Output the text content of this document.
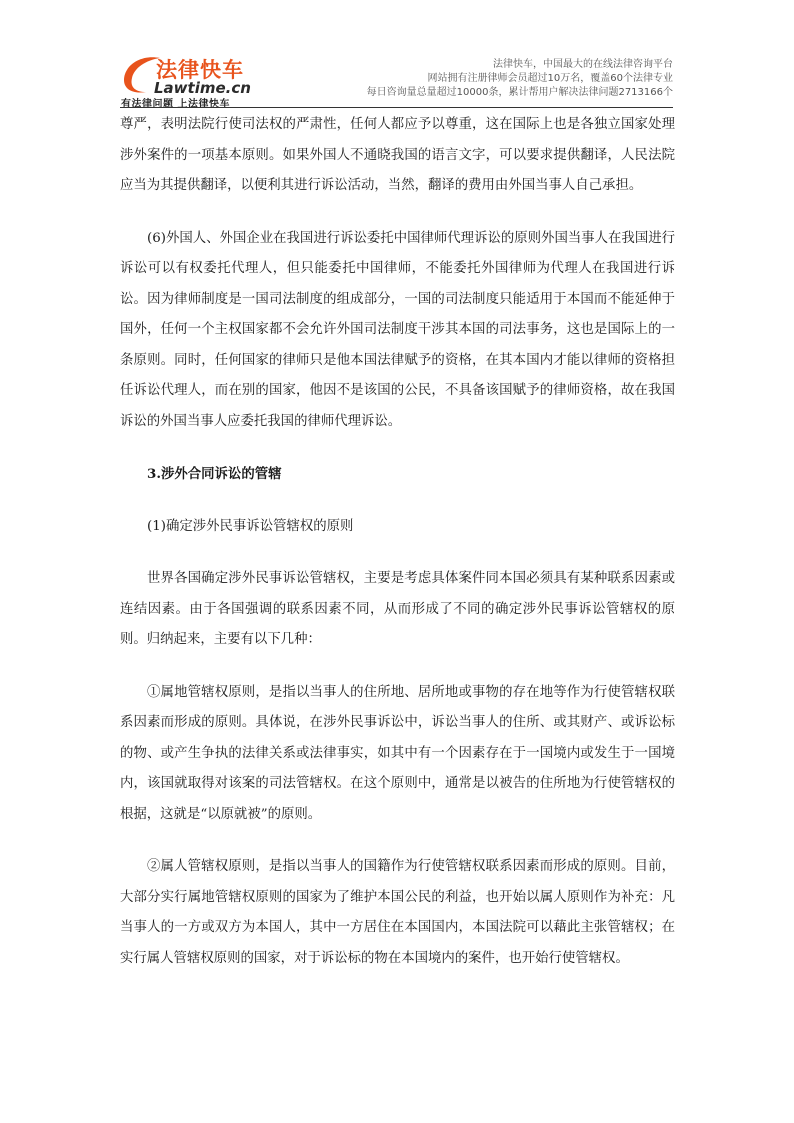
法律快车
Lawtime.cn
有法律问题 上法律快车
法律快车，中国最大的在线法律咨询平台
网站拥有注册律师会员超过10万名，覆盖60个法律专业
每日咨询量总量超过10000条，累计帮用户解决法律问题2713166个

尊严，表明法院行使司法权的严肃性，任何人都应予以尊重，这在国际上也是各独立国家处理涉外案件的一项基本原则。如果外国人不通晓我国的语言文字，可以要求提供翻译，人民法院应当为其提供翻译，以便利其进行诉讼活动，当然，翻译的费用由外国当事人自己承担。

(6)外国人、外国企业在我国进行诉讼委托中国律师代理诉讼的原则外国当事人在我国进行诉讼可以有权委托代理人，但只能委托中国律师，不能委托外国律师为代理人在我国进行诉讼。因为律师制度是一国司法制度的组成部分，一国的司法制度只能适用于本国而不能延伸于国外，任何一个主权国家都不会允许外国司法制度干涉其本国的司法事务，这也是国际上的一条原则。同时，任何国家的律师只是他本国法律赋予的资格，在其本国内才能以律师的资格担任诉讼代理人，而在别的国家，他因不是该国的公民，不具备该国赋予的律师资格，故在我国诉讼的外国当事人应委托我国的律师代理诉讼。

3.涉外合同诉讼的管辖

(1)确定涉外民事诉讼管辖权的原则

世界各国确定涉外民事诉讼管辖权，主要是考虑具体案件同本国必须具有某种联系因素或连结因素。由于各国强调的联系因素不同，从而形成了不同的确定涉外民事诉讼管辖权的原则。归纳起来，主要有以下几种：

①属地管辖权原则，是指以当事人的住所地、居所地或事物的存在地等作为行使管辖权联系因素而形成的原则。具体说，在涉外民事诉讼中，诉讼当事人的住所、或其财产、或诉讼标的物、或产生争执的法律关系或法律事实，如其中有一个因素存在于一国境内或发生于一国境内，该国就取得对该案的司法管辖权。在这个原则中，通常是以被告的住所地为行使管辖权的根据，这就是“以原就被”的原则。

②属人管辖权原则，是指以当事人的国籍作为行使管辖权联系因素而形成的原则。目前，大部分实行属地管辖权原则的国家为了维护本国公民的利益，也开始以属人原则作为补充：凡当事人的一方或双方为本国人，其中一方居住在本国国内，本国法院可以藉此主张管辖权；在实行属人管辖权原则的国家，对于诉讼标的物在本国境内的案件，也开始行使管辖权。
